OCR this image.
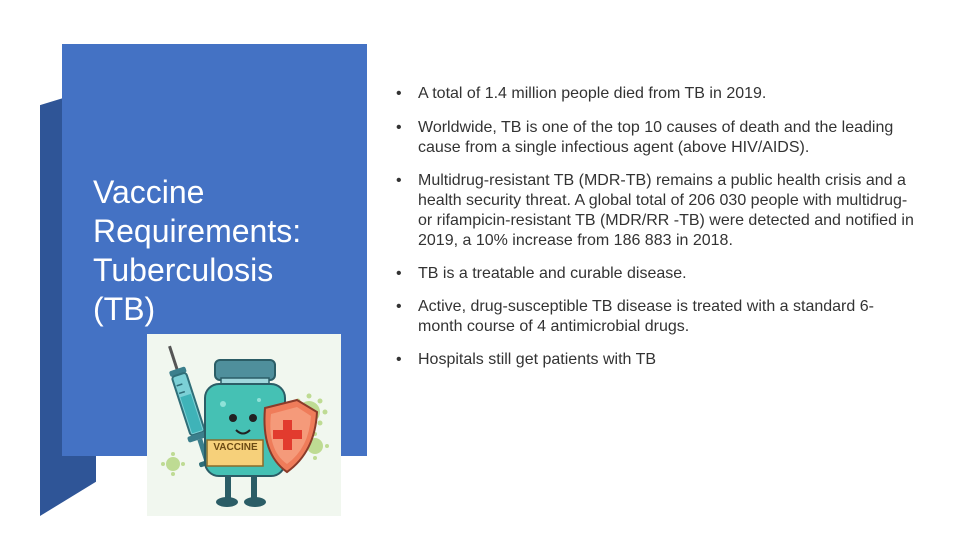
Vaccine
Requirements:
Tuberculosis
(TB)
VACCINE
• A total of 1.4 million people died from TB in 2019.
• Worldwide, TB is one of the top 10 causes of death and the leading cause from a single infectious agent (above HIV/AIDS).
• Multidrug-resistant TB (MDR-TB) remains a public health crisis and a health security threat. A global total of 206 030 people with multidrug- or rifampicin-resistant TB (MDR/RR -TB) were detected and notified in 2019, a 10% increase from 186 883 in 2018.
• TB is a treatable and curable disease.
• Active, drug-susceptible TB disease is treated with a standard 6-month course of 4 antimicrobial drugs.
• Hospitals still get patients with TB
